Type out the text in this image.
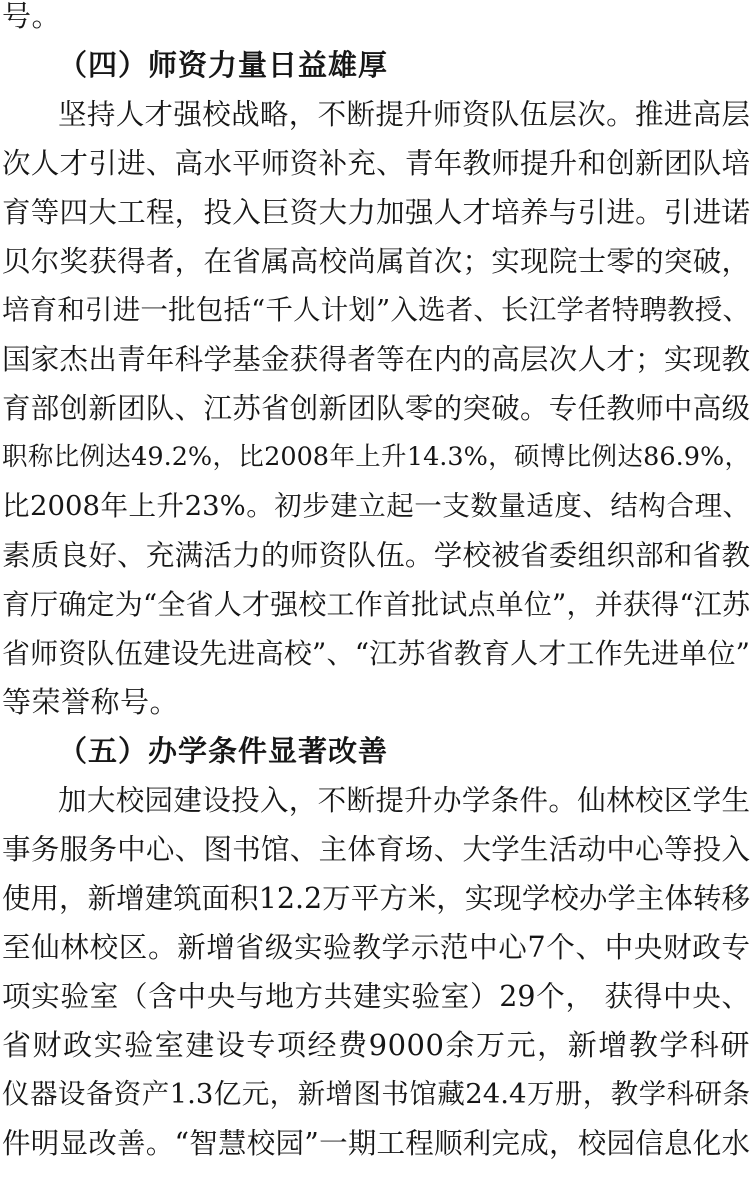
号。
（四）师资力量日益雄厚
坚持人才强校战略，不断提升师资队伍层次。推进高层
次人才引进、高水平师资补充、青年教师提升和创新团队培
育等四大工程，投入巨资大力加强人才培养与引进。引进诺
贝尔奖获得者，在省属高校尚属首次；实现院士零的突破，
培育和引进一批包括“千人计划”入选者、长江学者特聘教授、
国家杰出青年科学基金获得者等在内的高层次人才；实现教
育部创新团队、江苏省创新团队零的突破。专任教师中高级
职称比例达49.2%，比2008年上升14.3%，硕博比例达86.9%，
比2008年上升23%。初步建立起一支数量适度、结构合理、
素质良好、充满活力的师资队伍。学校被省委组织部和省教
育厅确定为“全省人才强校工作首批试点单位”，并获得“江苏
省师资队伍建设先进高校”、“江苏省教育人才工作先进单位”
等荣誉称号。
（五）办学条件显著改善
加大校园建设投入，不断提升办学条件。仙林校区学生
事务服务中心、图书馆、主体育场、大学生活动中心等投入
使用，新增建筑面积12.2万平方米，实现学校办学主体转移
至仙林校区。新增省级实验教学示范中心7个、中央财政专
项实验室（含中央与地方共建实验室）29个， 获得中央、
省财政实验室建设专项经费9000余万元，新增教学科研
仪器设备资产1.3亿元，新增图书馆藏24.4万册，教学科研条
件明显改善。“智慧校园”一期工程顺利完成，校园信息化水
